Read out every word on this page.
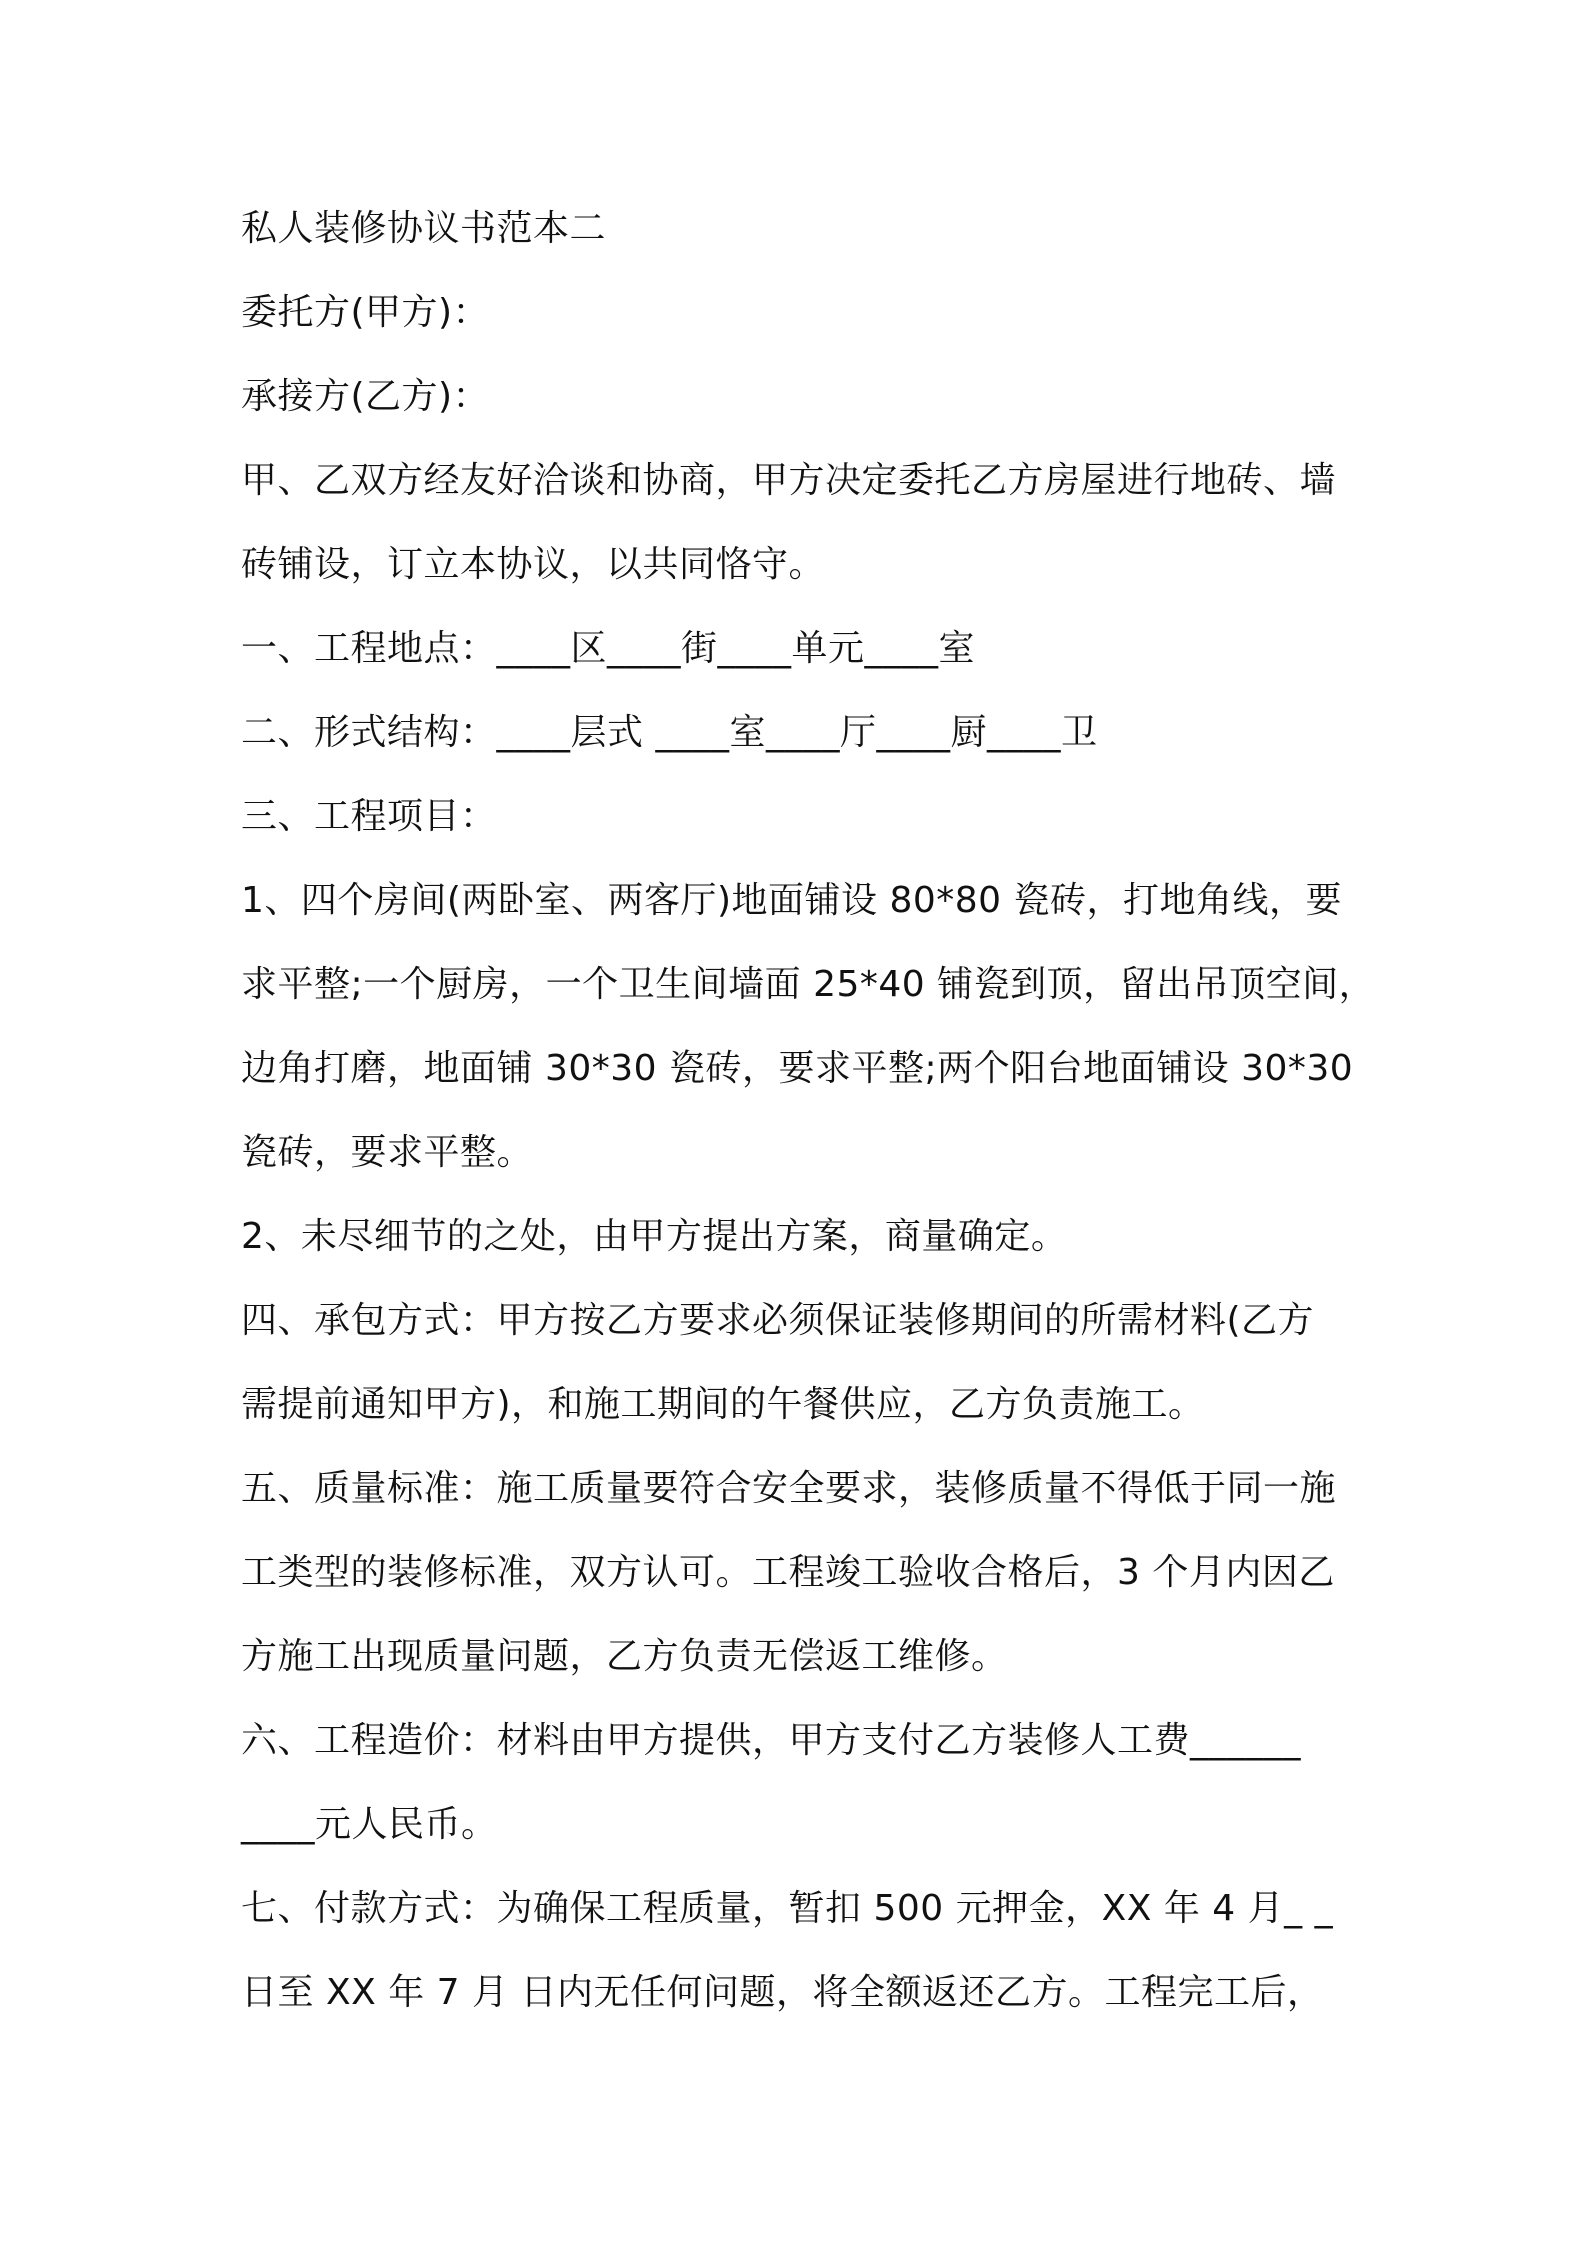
私人装修协议书范本二

委托方(甲方)：

承接方(乙方)：

甲、乙双方经友好洽谈和协商，甲方决定委托乙方房屋进行地砖、墙

砖铺设，订立本协议，以共同恪守。

一、工程地点：____区____街____单元____室

二、形式结构：____层式 ____室____厅____厨____卫

三、工程项目：

1、四个房间(两卧室、两客厅)地面铺设 80*80 瓷砖，打地角线，要

求平整;一个厨房，一个卫生间墙面 25*40 铺瓷到顶，留出吊顶空间，

边角打磨，地面铺 30*30 瓷砖，要求平整;两个阳台地面铺设 30*30

瓷砖，要求平整。

2、未尽细节的之处，由甲方提出方案，商量确定。

四、承包方式：甲方按乙方要求必须保证装修期间的所需材料(乙方

需提前通知甲方)，和施工期间的午餐供应，乙方负责施工。

五、质量标准：施工质量要符合安全要求，装修质量不得低于同一施

工类型的装修标准，双方认可。工程竣工验收合格后，3 个月内因乙

方施工出现质量问题，乙方负责无偿返工维修。

六、工程造价：材料由甲方提供，甲方支付乙方装修人工费______

____元人民币。

七、付款方式：为确保工程质量，暂扣 500 元押金，XX 年 4 月_ _

日至 XX 年 7 月 日内无任何问题，将全额返还乙方。工程完工后，
